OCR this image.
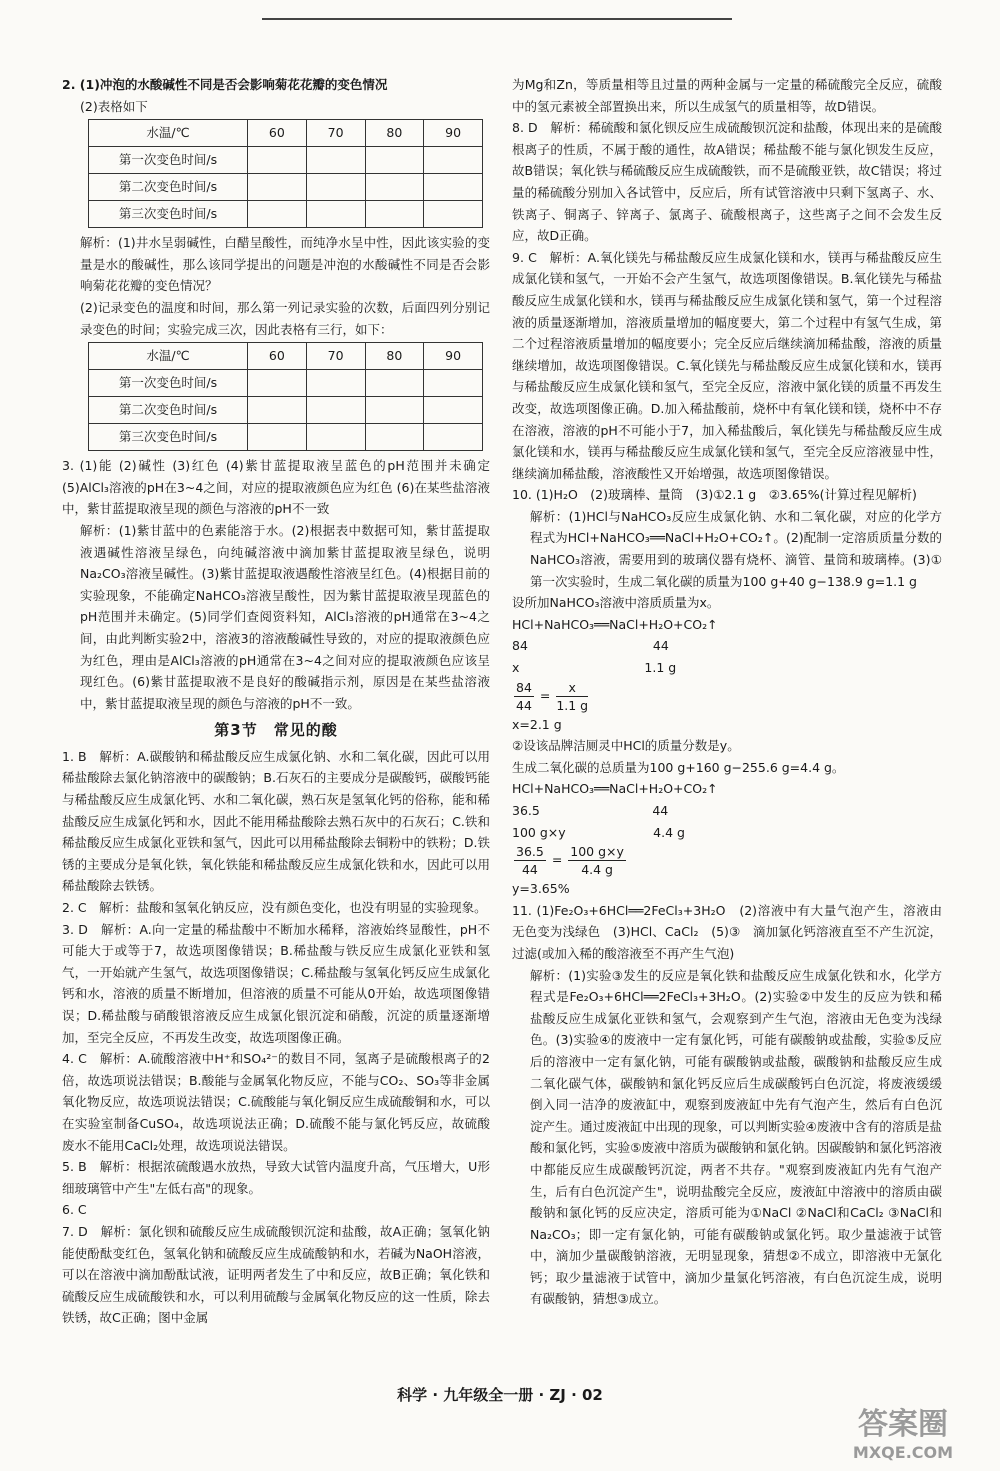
2. (1)冲泡的水酸碱性不同是否会影响菊花花瓣的变色情况

(2)表格如下

水温/℃	60	70	80	90
第一次变色时间/s				
第二次变色时间/s				
第三次变色时间/s				

解析：(1)井水呈弱碱性，白醋呈酸性，而纯净水呈中性，因此该实验的变量是水的酸碱性，那么该同学提出的问题是冲泡的水酸碱性不同是否会影响菊花花瓣的变色情况？

(2)记录变色的温度和时间，那么第一列记录实验的次数，后面四列分别记录变色的时间；实验完成三次，因此表格有三行，如下：

水温/℃	60	70	80	90
第一次变色时间/s				
第二次变色时间/s				
第三次变色时间/s				

3. (1)能 (2)碱性 (3)红色 (4)紫甘蓝提取液呈蓝色的pH范围并未确定 (5)AlCl₃溶液的pH在3~4之间，对应的提取液颜色应为红色 (6)在某些盐溶液中，紫甘蓝提取液呈现的颜色与溶液的pH不一致

解析：(1)紫甘蓝中的色素能溶于水。(2)根据表中数据可知，紫甘蓝提取液遇碱性溶液呈绿色，向纯碱溶液中滴加紫甘蓝提取液呈绿色，说明Na₂CO₃溶液呈碱性。(3)紫甘蓝提取液遇酸性溶液呈红色。(4)根据目前的实验现象，不能确定NaHCO₃溶液呈酸性，因为紫甘蓝提取液呈现蓝色的pH范围并未确定。(5)同学们查阅资料知，AlCl₃溶液的pH通常在3~4之间，由此判断实验2中，溶液3的溶液酸碱性导致的，对应的提取液颜色应为红色，理由是AlCl₃溶液的pH通常在3~4之间对应的提取液颜色应该呈现红色。(6)紫甘蓝提取液不是良好的酸碱指示剂，原因是在某些盐溶液中，紫甘蓝提取液呈现的颜色与溶液的pH不一致。

第3节　常见的酸

1. B　解析：A.碳酸钠和稀盐酸反应生成氯化钠、水和二氧化碳，因此可以用稀盐酸除去氯化钠溶液中的碳酸钠；B.石灰石的主要成分是碳酸钙，碳酸钙能与稀盐酸反应生成氯化钙、水和二氧化碳，熟石灰是氢氧化钙的俗称，能和稀盐酸反应生成氯化钙和水，因此不能用稀盐酸除去熟石灰中的石灰石；C.铁和稀盐酸反应生成氯化亚铁和氢气，因此可以用稀盐酸除去铜粉中的铁粉；D.铁锈的主要成分是氧化铁，氧化铁能和稀盐酸反应生成氯化铁和水，因此可以用稀盐酸除去铁锈。

2. C　解析：盐酸和氢氧化钠反应，没有颜色变化，也没有明显的实验现象。

3. D　解析：A.向一定量的稀盐酸中不断加水稀释，溶液始终显酸性，pH不可能大于或等于7，故选项图像错误；B.稀盐酸与铁反应生成氯化亚铁和氢气，一开始就产生氢气，故选项图像错误；C.稀盐酸与氢氧化钙反应生成氯化钙和水，溶液的质量不断增加，但溶液的质量不可能从0开始，故选项图像错误；D.稀盐酸与硝酸银溶液反应生成氯化银沉淀和硝酸，沉淀的质量逐渐增加，至完全反应，不再发生改变，故选项图像正确。

4. C　解析：A.硫酸溶液中H⁺和SO₄²⁻的数目不同，氢离子是硫酸根离子的2倍，故选项说法错误；B.酸能与金属氧化物反应，不能与CO₂、SO₃等非金属氧化物反应，故选项说法错误；C.硫酸能与氧化铜反应生成硫酸铜和水，可以在实验室制备CuSO₄，故选项说法正确；D.硫酸不能与氯化钙反应，故硫酸废水不能用CaCl₂处理，故选项说法错误。

5. B　解析：根据浓硫酸遇水放热，导致大试管内温度升高，气压增大，U形细玻璃管中产生"左低右高"的现象。

6. C

7. D　解析：氯化钡和硫酸反应生成硫酸钡沉淀和盐酸，故A正确；氢氧化钠能使酚酞变红色，氢氧化钠和硫酸反应生成硫酸钠和水，若碱为NaOH溶液，可以在溶液中滴加酚酞试液，证明两者发生了中和反应，故B正确；氧化铁和硫酸反应生成硫酸铁和水，可以利用硫酸与金属氧化物反应的这一性质，除去铁锈，故C正确；图中金属

为Mg和Zn，等质量相等且过量的两种金属与一定量的稀硫酸完全反应，硫酸中的氢元素被全部置换出来，所以生成氢气的质量相等，故D错误。

8. D　解析：稀硫酸和氯化钡反应生成硫酸钡沉淀和盐酸，体现出来的是硫酸根离子的性质，不属于酸的通性，故A错误；稀盐酸不能与氯化钡发生反应，故B错误；氧化铁与稀硫酸反应生成硫酸铁，而不是硫酸亚铁，故C错误；将过量的稀硫酸分别加入各试管中，反应后，所有试管溶液中只剩下氢离子、水、铁离子、铜离子、锌离子、氯离子、硫酸根离子，这些离子之间不会发生反应，故D正确。

9. C　解析：A.氧化镁先与稀盐酸反应生成氯化镁和水，镁再与稀盐酸反应生成氯化镁和氢气，一开始不会产生氢气，故选项图像错误。B.氧化镁先与稀盐酸反应生成氯化镁和水，镁再与稀盐酸反应生成氯化镁和氢气，第一个过程溶液的质量逐渐增加，溶液质量增加的幅度要大，第二个过程中有氢气生成，第二个过程溶液质量增加的幅度要小；完全反应后继续滴加稀盐酸，溶液的质量继续增加，故选项图像错误。C.氧化镁先与稀盐酸反应生成氯化镁和水，镁再与稀盐酸反应生成氯化镁和氢气，至完全反应，溶液中氯化镁的质量不再发生改变，故选项图像正确。D.加入稀盐酸前，烧杯中有氧化镁和镁，烧杯中不存在溶液，溶液的pH不可能小于7，加入稀盐酸后，氧化镁先与稀盐酸反应生成氯化镁和水，镁再与稀盐酸反应生成氯化镁和氢气，至完全反应溶液显中性，继续滴加稀盐酸，溶液酸性又开始增强，故选项图像错误。

10. (1)H₂O　(2)玻璃棒、量筒　(3)①2.1 g　②3.65%(计算过程见解析)

解析：(1)HCl与NaHCO₃反应生成氯化钠、水和二氧化碳，对应的化学方程式为HCl+NaHCO₃══NaCl+H₂O+CO₂↑。(2)配制一定溶质质量分数的NaHCO₃溶液，需要用到的玻璃仪器有烧杯、滴管、量筒和玻璃棒。(3)①第一次实验时，生成二氧化碳的质量为100 g+40 g−138.9 g=1.1 g

设所加NaHCO₃溶液中溶质质量为x。

HCl+NaHCO₃══NaCl+H₂O+CO₂↑

84　　　　　　　　　　44

x　　　　　　　　　　1.1 g

$\frac{84}{44} = \frac{x}{1.1 g}$

x=2.1 g

②设该品牌洁厕灵中HCl的质量分数是y。

生成二氧化碳的总质量为100 g+160 g−255.6 g=4.4 g。

HCl+NaHCO₃══NaCl+H₂O+CO₂↑

36.5　　　　　　　　　44

100 g×y　　　　　　　4.4 g

$\frac{36.5}{44} = \frac{100 g\times y}{4.4 g}$

y=3.65%

11. (1)Fe₂O₃+6HCl══2FeCl₃+3H₂O　(2)溶液中有大量气泡产生，溶液由无色变为浅绿色　(3)HCl、CaCl₂　(5)③　滴加氯化钙溶液直至不产生沉淀，过滤(或加入稀的酸溶液至不再产生气泡)

解析：(1)实验③发生的反应是氧化铁和盐酸反应生成氯化铁和水，化学方程式是Fe₂O₃+6HCl══2FeCl₃+3H₂O。(2)实验②中发生的反应为铁和稀盐酸反应生成氯化亚铁和氢气，会观察到产生气泡，溶液由无色变为浅绿色。(3)实验④的废液中一定有氯化钙，可能有碳酸钠或盐酸，实验⑤反应后的溶液中一定有氯化钠，可能有碳酸钠或盐酸，碳酸钠和盐酸反应生成二氧化碳气体，碳酸钠和氯化钙反应后生成碳酸钙白色沉淀，将废液缓缓倒入同一洁净的废液缸中，观察到废液缸中先有气泡产生，然后有白色沉淀产生。通过废液缸中出现的现象，可以判断实验④废液中含有的溶质是盐酸和氯化钙，实验⑤废液中溶质为碳酸钠和氯化钠。因碳酸钠和氯化钙溶液中都能反应生成碳酸钙沉淀，两者不共存。"观察到废液缸内先有气泡产生，后有白色沉淀产生"，说明盐酸完全反应，废液缸中溶液中的溶质由碳酸钠和氯化钙的反应决定，溶质可能为①NaCl ②NaCl和CaCl₂ ③NaCl和Na₂CO₃；即一定有氯化钠，可能有碳酸钠或氯化钙。取少量滤液于试管中，滴加少量碳酸钠溶液，无明显现象，猜想②不成立，即溶液中无氯化钙；取少量滤液于试管中，滴加少量氯化钙溶液，有白色沉淀生成，说明有碳酸钠，猜想③成立。

科学 · 九年级全一册 · ZJ · 02
答案圈
MXQE.COM
